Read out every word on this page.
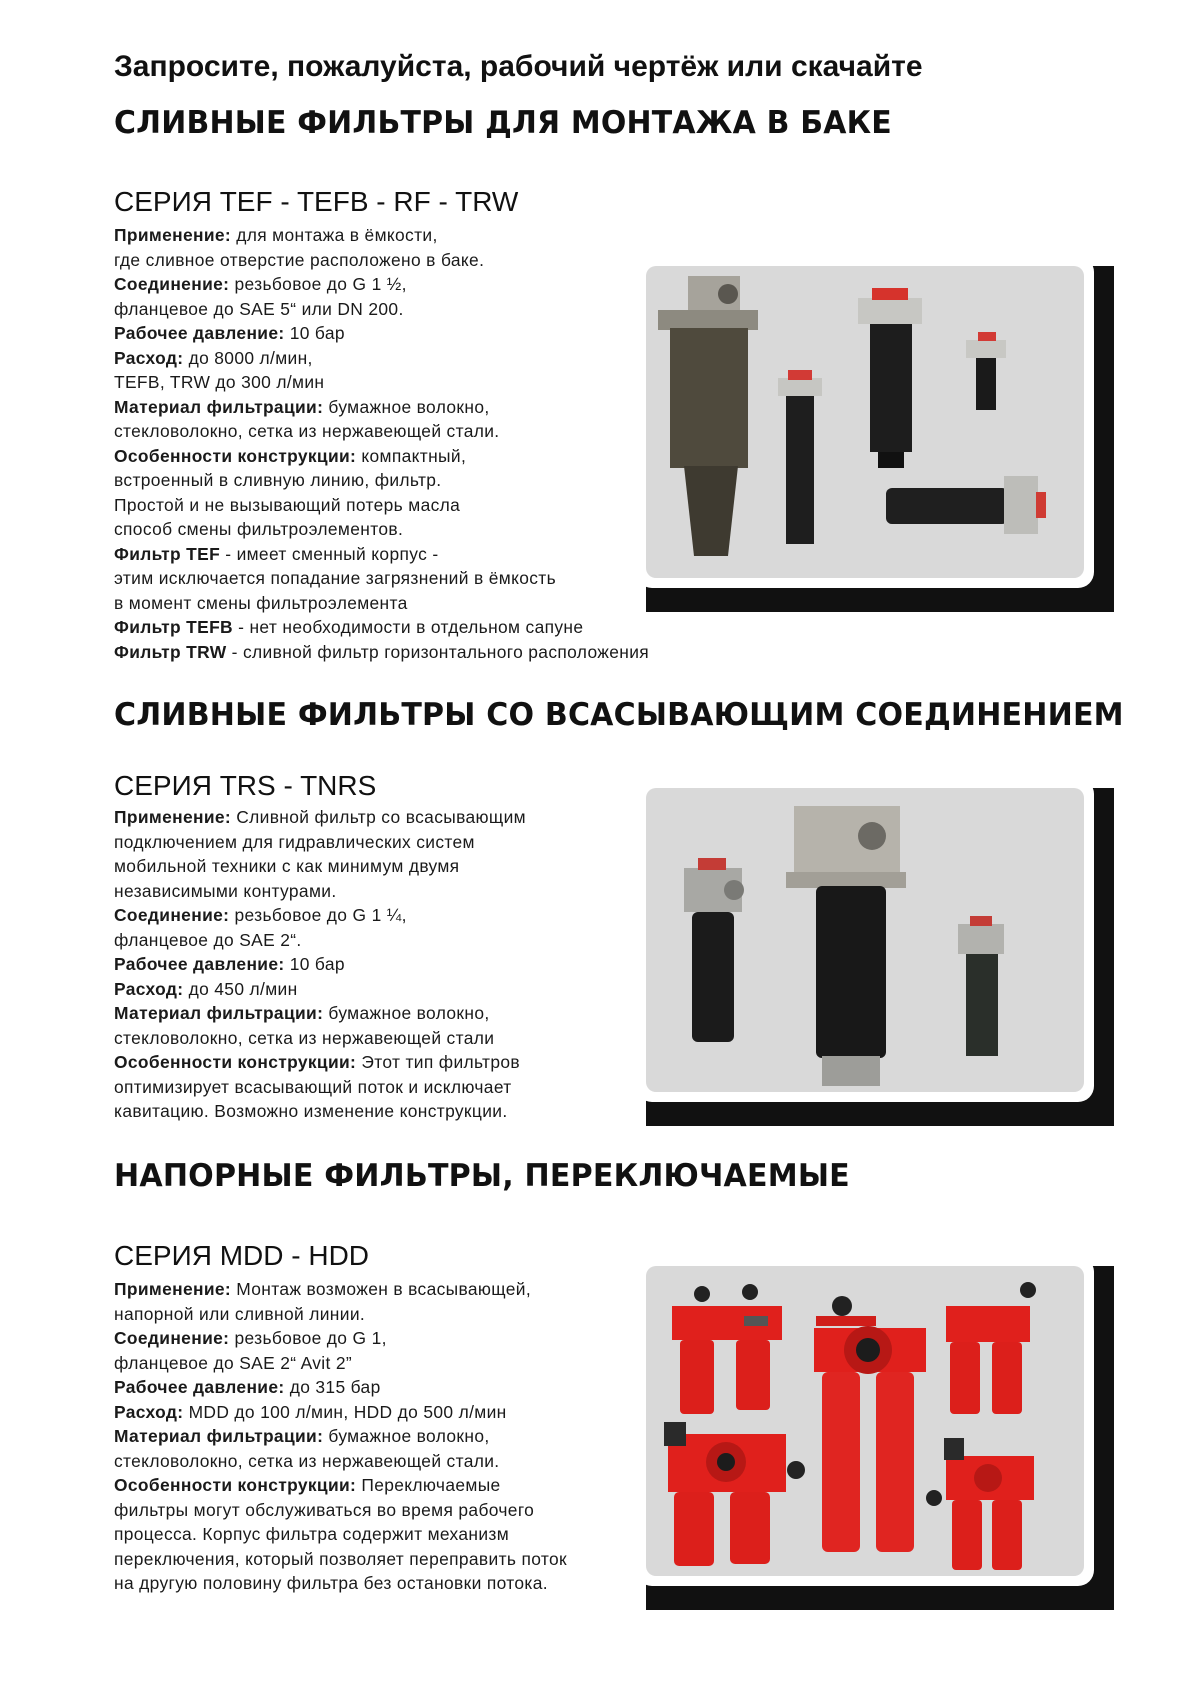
Запросите, пожалуйста, рабочий чертёж или скачайте
СЛИВНЫЕ ФИЛЬТРЫ ДЛЯ МОНТАЖА В БАКЕ
СЕРИЯ TEF - TEFB - RF - TRW
Применение: для монтажа в ёмкости,
где сливное отверстие расположено в баке.
Соединение: резьбовое до G 1 ½,
фланцевое до SAE 5“ или DN 200.
Рабочее давление: 10 бар
Расход: до 8000 л/мин,
TEFB, TRW до 300 л/мин
Материал фильтрации: бумажное волокно,
стекловолокно, сетка из нержавеющей стали.
Особенности конструкции: компактный,
встроенный в сливную линию, фильтр.
Простой и не вызывающий потерь масла
способ смены фильтроэлементов.
Фильтр TEF - имеет сменный корпус -
этим исключается попадание загрязнений в ёмкость
в момент смены фильтроэлемента
Фильтр TEFB - нет необходимости в отдельном сапуне
Фильтр TRW - сливной фильтр горизонтального расположения
СЛИВНЫЕ ФИЛЬТРЫ СО ВСАСЫВАЮЩИМ СОЕДИНЕНИЕМ
СЕРИЯ TRS - TNRS
Применение: Сливной фильтр со всасывающим
подключением для гидравлических систем
мобильной техники с как минимум двумя
независимыми контурами.
Соединение: резьбовое до G 1 ¼,
фланцевое до SAE 2“.
Рабочее давление: 10 бар
Расход: до 450 л/мин
Материал фильтрации: бумажное волокно,
стекловолокно, сетка из нержавеющей стали
Особенности конструкции: Этот тип фильтров
оптимизирует всасывающий поток и исключает
кавитацию. Возможно изменение конструкции.
НАПОРНЫЕ ФИЛЬТРЫ, ПЕРЕКЛЮЧАЕМЫЕ
СЕРИЯ MDD - HDD
Применение: Монтаж возможен в всасывающей,
напорной или сливной линии.
Соединение: резьбовое до G 1,
фланцевое до SAE 2“ Avit 2”
Рабочее давление: до 315 бар
Расход: MDD до 100 л/мин, HDD до 500 л/мин
Материал фильтрации: бумажное волокно,
стекловолокно, сетка из нержавеющей стали.
Особенности конструкции: Переключаемые
фильтры могут обслуживаться во время рабочего
процесса. Корпус фильтра содержит механизм
переключения, который позволяет переправить поток
на другую половину фильтра без остановки потока.
